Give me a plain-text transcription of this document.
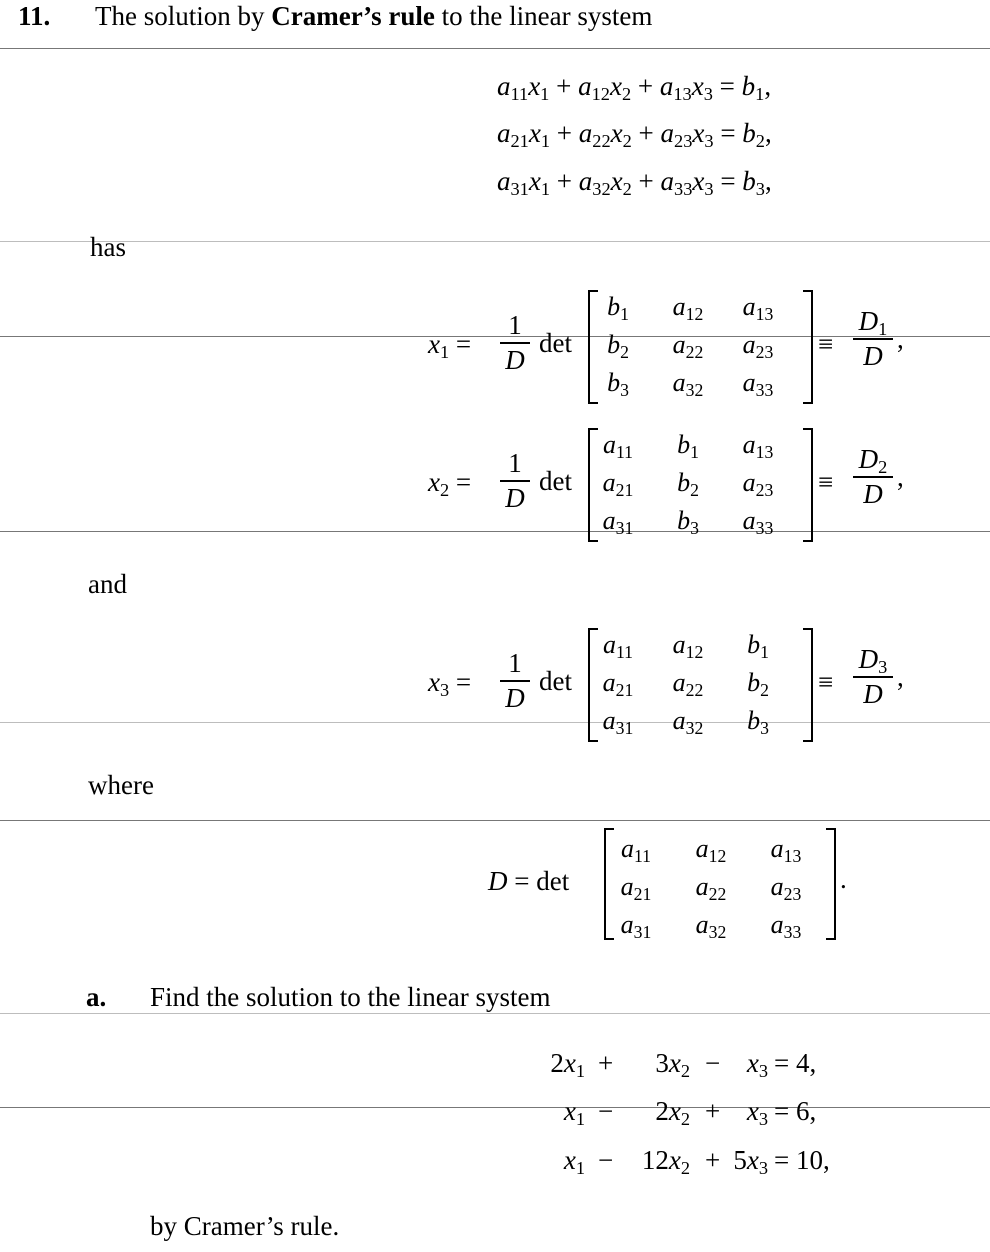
11. The solution by Cramer’s rule to the linear system
$a_{11}x_1 + a_{12}x_2 + a_{13}x_3 = b_1$,
$a_{21}x_1 + a_{22}x_2 + a_{23}x_3 = b_2$,
$a_{31}x_1 + a_{32}x_2 + a_{33}x_3 = b_3$,
has
$x_1$ =
1
D
det
$b_1$	$a_{12}$	$a_{13}$
$b_2$	$a_{22}$	$a_{23}$
$b_3$	$a_{32}$	$a_{33}$
≡
$D_1$
D
,
$x_2$ =
1
D
det
$a_{11}$	$b_1$	$a_{13}$
$a_{21}$	$b_2$	$a_{23}$
$a_{31}$	$b_3$	$a_{33}$
≡
$D_2$
D
,
$x_3$ =
1
D
det
$a_{11}$	$a_{12}$	$b_1$
$a_{21}$	$a_{22}$	$b_2$
$a_{31}$	$a_{32}$	$b_3$
≡
$D_3$
D
,
and
where
D = det
$a_{11}$	$a_{12}$	$a_{13}$
$a_{21}$	$a_{22}$	$a_{23}$
$a_{31}$	$a_{32}$	$a_{33}$
.
a. Find the solution to the linear system
$2x_1$ +	$3x_2 - x_3 = 4$,
$x_1$ −	$2x_2 + x_3 = 6$,
$x_1$ −	$12x_2 + 5x_3 = 10$,
by Cramer’s rule.
